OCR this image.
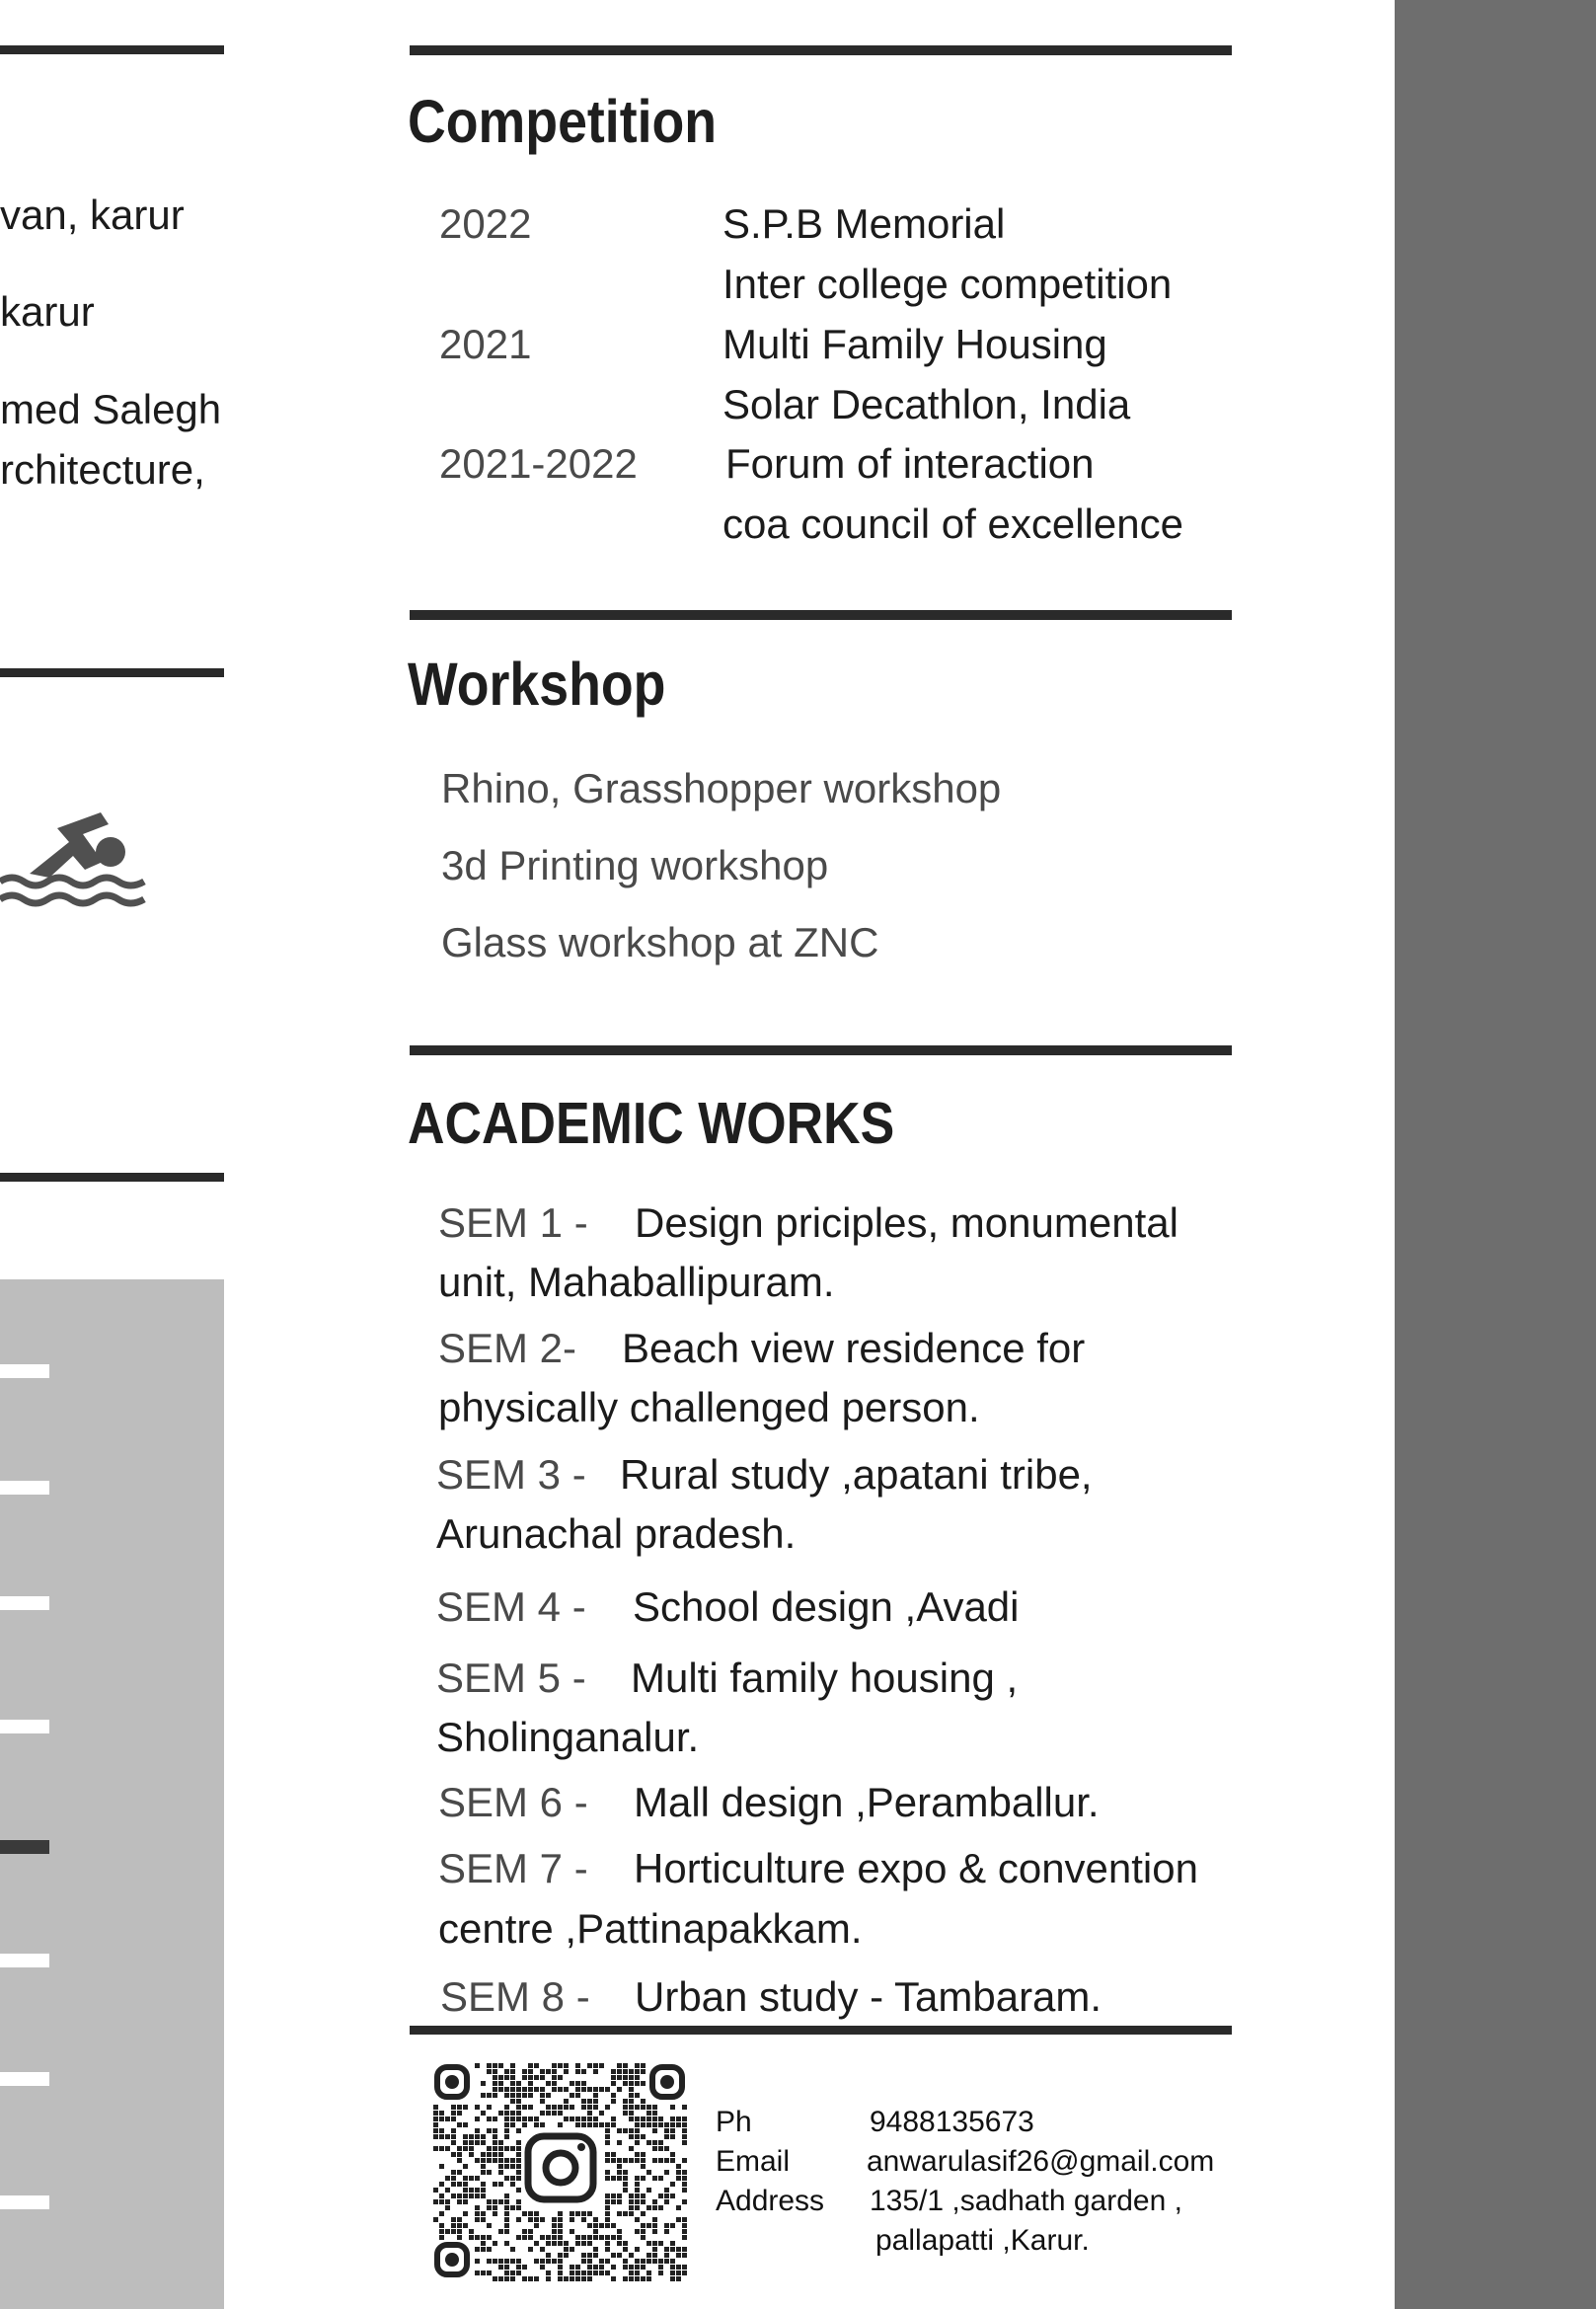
van, karur
karur
med Salegh
rchitecture,
Competition
2022	S.P.B Memorial
Inter college competition
2021	Multi Family Housing
Solar Decathlon, India
2021-2022 Forum of interaction
coa council of excellence
Workshop
Rhino, Grasshopper workshop
3d Printing workshop
Glass workshop at ZNC
ACADEMIC WORKS
SEM 1 - Design priciples, monumental
unit, Mahaballipuram.
SEM 2- Beach view residence for
physically challenged person.
SEM 3 - Rural study ,apatani tribe,
Arunachal pradesh.
SEM 4 - School design ,Avadi
SEM 5 - Multi family housing ,
Sholinganalur.
SEM 6 - Mall design ,Peramballur.
SEM 7 - Horticulture expo & convention
centre ,Pattinapakkam.
SEM 8 - Urban study - Tambaram.
Ph	9488135673
Email	anwarulasif26@gmail.com
Address 135/1 ,sadhath garden ,
pallapatti ,Karur.
